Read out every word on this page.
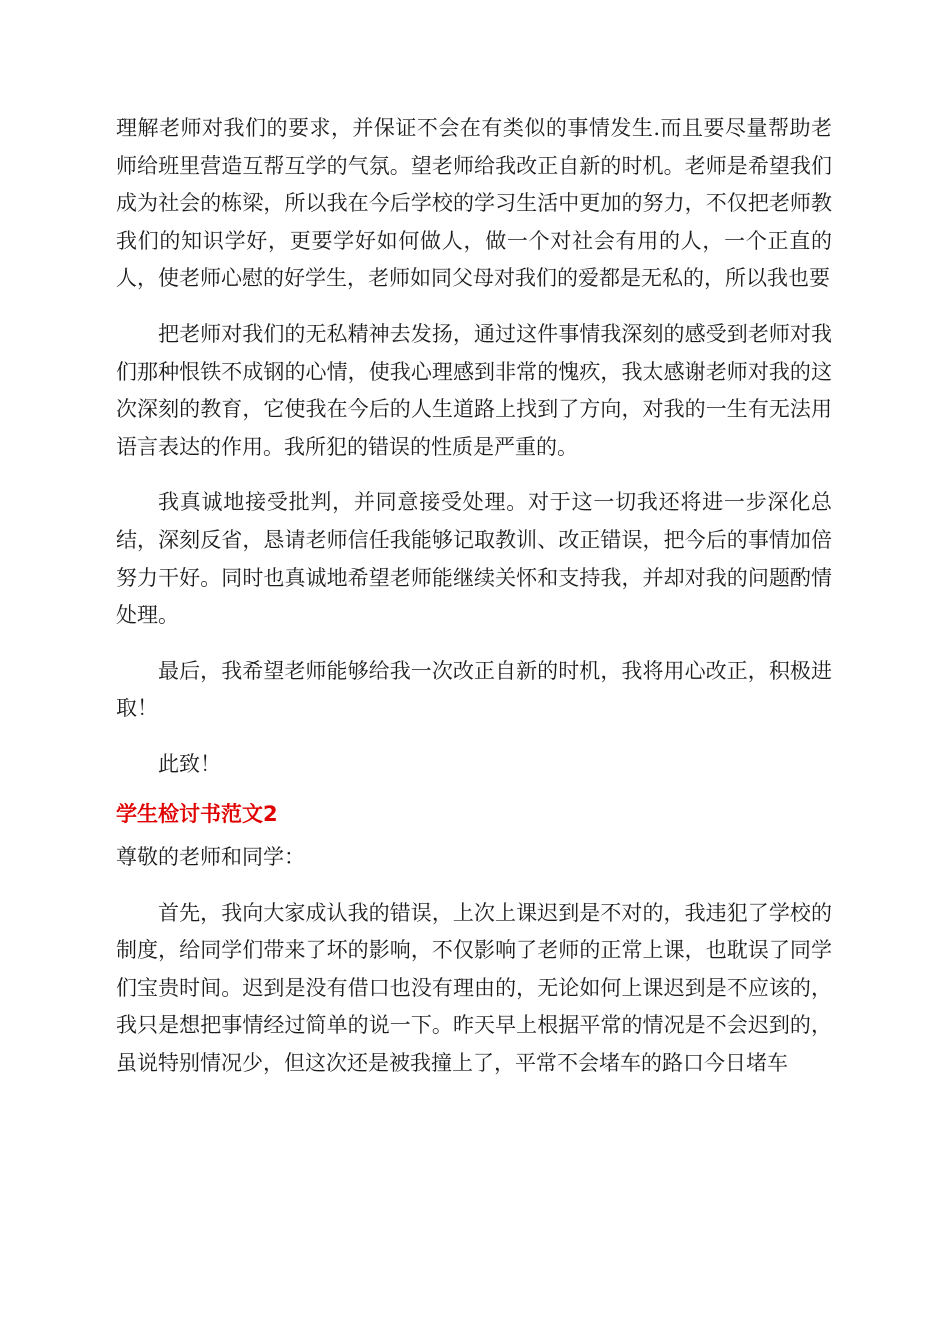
理解老师对我们的要求，并保证不会在有类似的事情发生.而且要尽量帮助老师给班里营造互帮互学的气氛。望老师给我改正自新的时机。老师是希望我们成为社会的栋梁，所以我在今后学校的学习生活中更加的努力，不仅把老师教我们的知识学好，更要学好如何做人，做一个对社会有用的人，一个正直的人，使老师心慰的好学生，老师如同父母对我们的爱都是无私的，所以我也要

把老师对我们的无私精神去发扬，通过这件事情我深刻的感受到老师对我们那种恨铁不成钢的心情，使我心理感到非常的愧疚，我太感谢老师对我的这次深刻的教育，它使我在今后的人生道路上找到了方向，对我的一生有无法用语言表达的作用。我所犯的错误的性质是严重的。

我真诚地接受批判，并同意接受处理。对于这一切我还将进一步深化总结，深刻反省，恳请老师信任我能够记取教训、改正错误，把今后的事情加倍努力干好。同时也真诚地希望老师能继续关怀和支持我，并却对我的问题酌情处理。

最后，我希望老师能够给我一次改正自新的时机，我将用心改正，积极进取！

此致！

学生检讨书范文2

尊敬的老师和同学：

首先，我向大家成认我的错误，上次上课迟到是不对的，我违犯了学校的制度，给同学们带来了坏的影响，不仅影响了老师的正常上课，也耽误了同学们宝贵时间。迟到是没有借口也没有理由的，无论如何上课迟到是不应该的，我只是想把事情经过简单的说一下。昨天早上根据平常的情况是不会迟到的，虽说特别情况少，但这次还是被我撞上了，平常不会堵车的路口今日堵车
